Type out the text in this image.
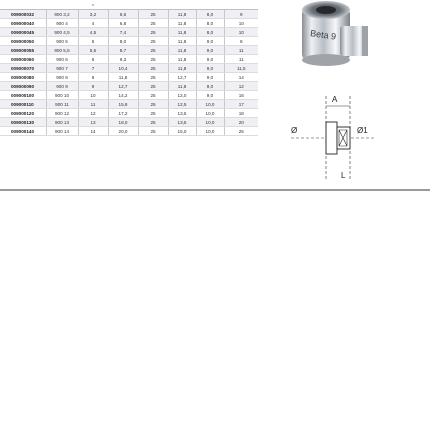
		⌀					
009000032	900 3,2	3,2	6,6	25	11,8	8,0	9
009000040	900 4	4	6,8	25	11,8	8,0	10
009000045	900 4,5	4,5	7,4	25	11,8	8,0	10
009000050	900 5	5	8,0	25	11,8	9,0	8
009000055	900 5,5	5,5	8,7	25	11,8	9,0	11
009000060	900 6	6	9,3	25	11,8	9,0	11
009000070	900 7	7	10,4	25	11,8	9,0	11,5
009000080	900 8	8	11,8	25	12,7	9,0	14
009000090	900 9	9	12,7	25	11,8	9,0	12
009000100	900 10	10	14,2	25	12,0	9,0	16
009000110	900 11	11	15,8	25	12,5	10,0	17
009000120	900 12	12	17,2	25	13,5	10,0	18
009000130	900 13	13	18,0	25	13,5	10,0	20
009000140	900 14	14	20,0	25	15,0	10,0	25
Beta 9
A
Ø	Ø1
L
